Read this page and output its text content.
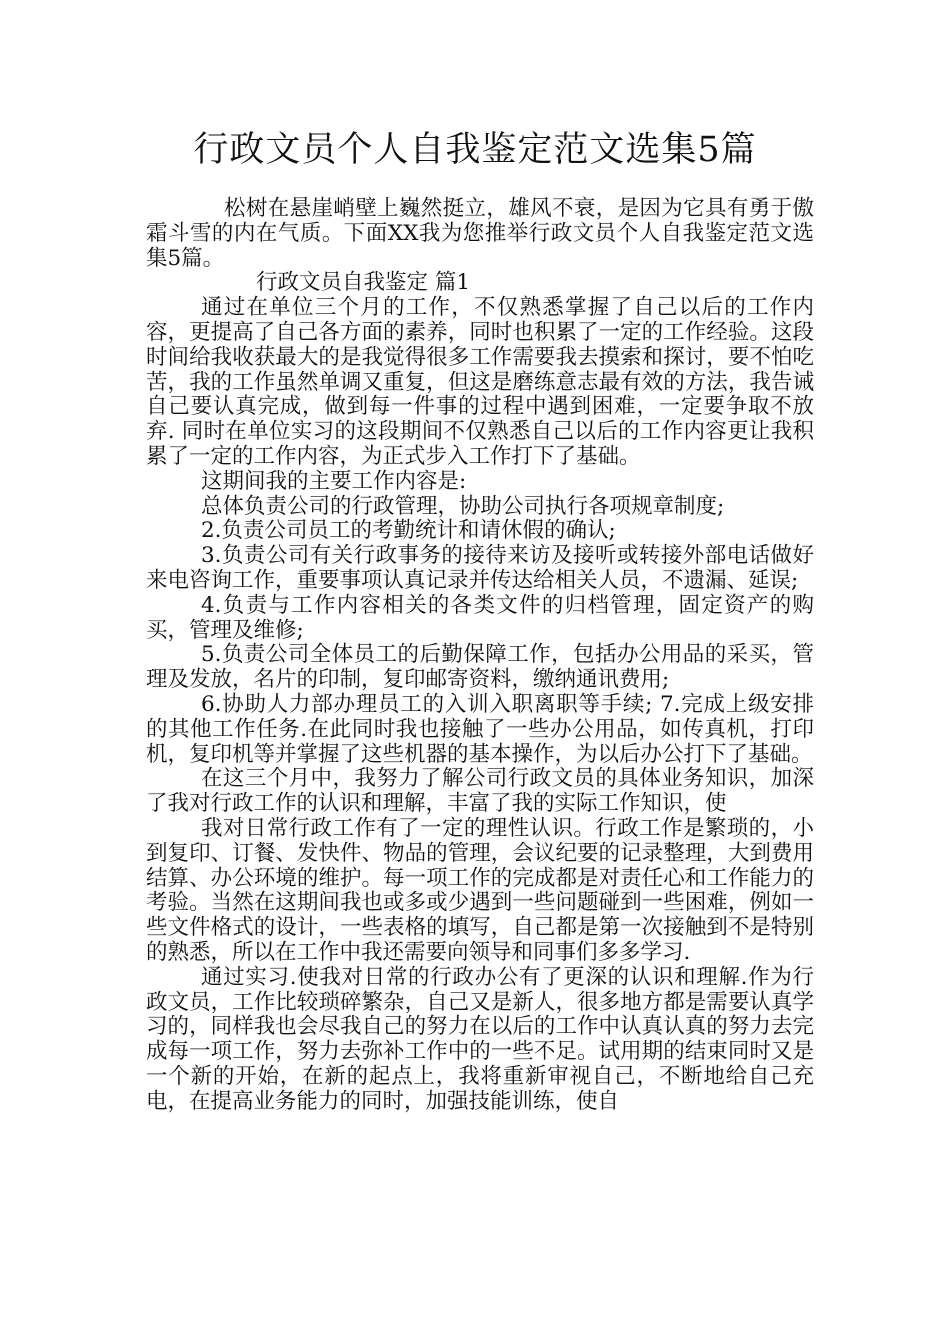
行政文员个人自我鉴定范文选集5篇

松树在悬崖峭壁上巍然挺立，雄风不衰，是因为它具有勇于傲霜斗雪的内在气质。下面XX我为您推举行政文员个人自我鉴定范文选集5篇。

行政文员自我鉴定 篇1

通过在单位三个月的工作，不仅熟悉掌握了自己以后的工作内容，更提高了自己各方面的素养，同时也积累了一定的工作经验。这段时间给我收获最大的是我觉得很多工作需要我去摸索和探讨，要不怕吃苦，我的工作虽然单调又重复，但这是磨练意志最有效的方法，我告诫自己要认真完成，做到每一件事的过程中遇到困难，一定要争取不放弃. 同时在单位实习的这段期间不仅熟悉自己以后的工作内容更让我积累了一定的工作内容，为正式步入工作打下了基础。

这期间我的主要工作内容是:

总体负责公司的行政管理，协助公司执行各项规章制度;

2.负责公司员工的考勤统计和请休假的确认;

3.负责公司有关行政事务的接待来访及接听或转接外部电话做好来电咨询工作，重要事项认真记录并传达给相关人员，不遗漏、延误;

4.负责与工作内容相关的各类文件的归档管理，固定资产的购买，管理及维修;

5.负责公司全体员工的后勤保障工作，包括办公用品的采买，管理及发放，名片的印制，复印邮寄资料，缴纳通讯费用;

6.协助人力部办理员工的入训入职离职等手续; 7.完成上级安排的其他工作任务.在此同时我也接触了一些办公用品，如传真机，打印机，复印机等并掌握了这些机器的基本操作，为以后办公打下了基础。

在这三个月中，我努力了解公司行政文员的具体业务知识，加深了我对行政工作的认识和理解，丰富了我的实际工作知识，使

我对日常行政工作有了一定的理性认识。行政工作是繁琐的，小到复印、订餐、发快件、物品的管理，会议纪要的记录整理，大到费用结算、办公环境的维护。每一项工作的完成都是对责任心和工作能力的考验。当然在这期间我也或多或少遇到一些问题碰到一些困难，例如一些文件格式的设计，一些表格的填写，自己都是第一次接触到不是特别的熟悉，所以在工作中我还需要向领导和同事们多多学习.

通过实习.使我对日常的行政办公有了更深的认识和理解.作为行政文员，工作比较琐碎繁杂，自己又是新人，很多地方都是需要认真学习的，同样我也会尽我自己的努力在以后的工作中认真认真的努力去完成每一项工作，努力去弥补工作中的一些不足。试用期的结束同时又是一个新的开始，在新的起点上，我将重新审视自己，不断地给自己充电，在提高业务能力的同时，加强技能训练，使自
